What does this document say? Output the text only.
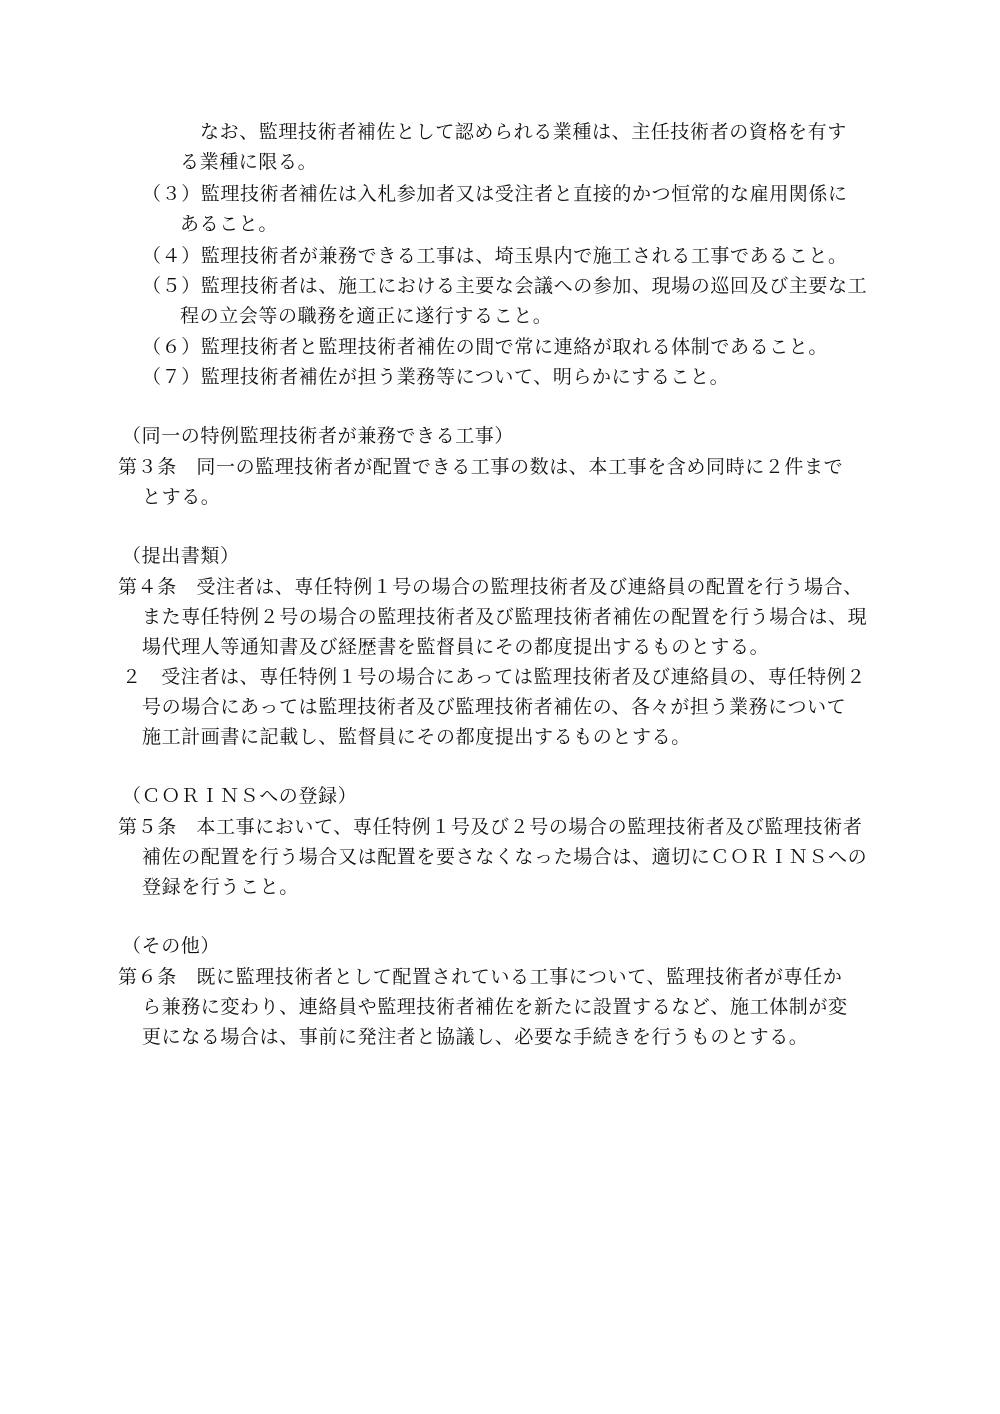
なお、監理技術者補佐として認められる業種は、主任技術者の資格を有す
る業種に限る。
（３）監理技術者補佐は入札参加者又は受注者と直接的かつ恒常的な雇用関係に
あること。
（４）監理技術者が兼務できる工事は、埼玉県内で施工される工事であること。
（５）監理技術者は、施工における主要な会議への参加、現場の巡回及び主要な工
程の立会等の職務を適正に遂行すること。
（６）監理技術者と監理技術者補佐の間で常に連絡が取れる体制であること。
（７）監理技術者補佐が担う業務等について、明らかにすること。
（同一の特例監理技術者が兼務できる工事）
第３条　同一の監理技術者が配置できる工事の数は、本工事を含め同時に２件まで
とする。
（提出書類）
第４条　受注者は、専任特例１号の場合の監理技術者及び連絡員の配置を行う場合、
また専任特例２号の場合の監理技術者及び監理技術者補佐の配置を行う場合は、現
場代理人等通知書及び経歴書を監督員にその都度提出するものとする。
２　受注者は、専任特例１号の場合にあっては監理技術者及び連絡員の、専任特例２
号の場合にあっては監理技術者及び監理技術者補佐の、各々が担う業務について
施工計画書に記載し、監督員にその都度提出するものとする。
（ＣＯＲＩＮＳへの登録）
第５条　本工事において、専任特例１号及び２号の場合の監理技術者及び監理技術者
補佐の配置を行う場合又は配置を要さなくなった場合は、適切にＣＯＲＩＮＳへの
登録を行うこと。
（その他）
第６条　既に監理技術者として配置されている工事について、監理技術者が専任か
ら兼務に変わり、連絡員や監理技術者補佐を新たに設置するなど、施工体制が変
更になる場合は、事前に発注者と協議し、必要な手続きを行うものとする。
